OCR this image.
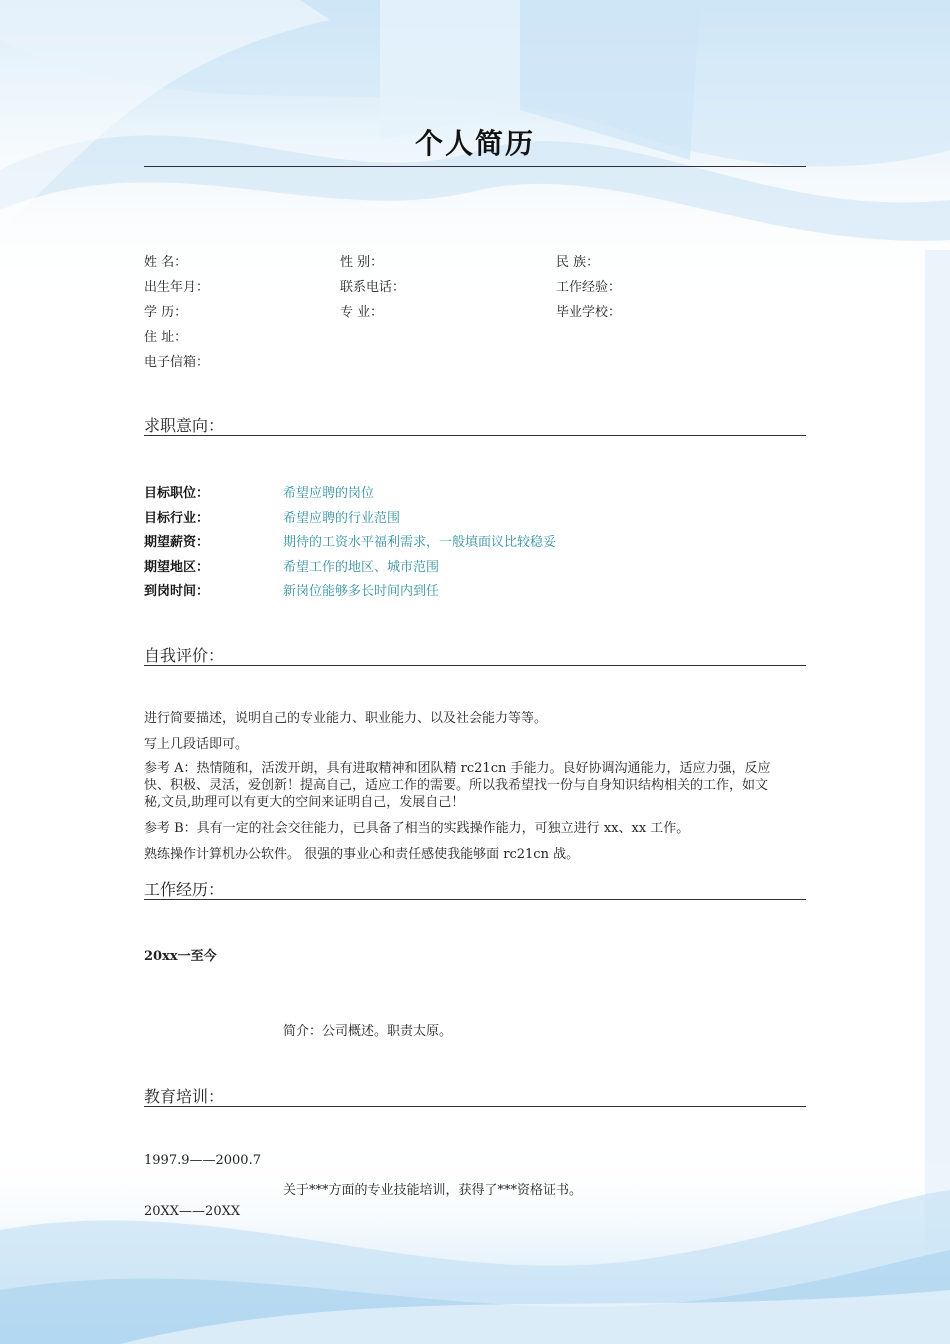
个人简历
姓 名：	性 别：	民 族：
出生年月：	联系电话：	工作经验：
学 历：	专 业：	毕业学校：
住 址：
电子信箱：
求职意向：
目标职位：	希望应聘的岗位
目标行业：	希望应聘的行业范围
期望薪资：	期待的工资水平福利需求，一般填面议比较稳妥
期望地区：	希望工作的地区、城市范围
到岗时间：	新岗位能够多长时间内到任
自我评价：
进行简要描述，说明自己的专业能力、职业能力、以及社会能力等等。
写上几段话即可。
参考 A：热情随和，活泼开朗，具有进取精神和团队精 rc21cn 手能力。良好协调沟通能力，适应力强，反应
快、积极、灵活，爱创新！提高自己，适应工作的需要。所以我希望找一份与自身知识结构相关的工作，如文
秘,文员,助理可以有更大的空间来证明自己，发展自己！
参考 B：具有一定的社会交往能力，已具备了相当的实践操作能力，可独立进行 xx、xx 工作。
熟练操作计算机办公软件。 很强的事业心和责任感使我能够面 rc21cn 战。
工作经历：
20xx一至今
简介：公司概述。职责太原。
教育培训：
1997.9——2000.7
关于***方面的专业技能培训，获得了***资格证书。
20XX——20XX
